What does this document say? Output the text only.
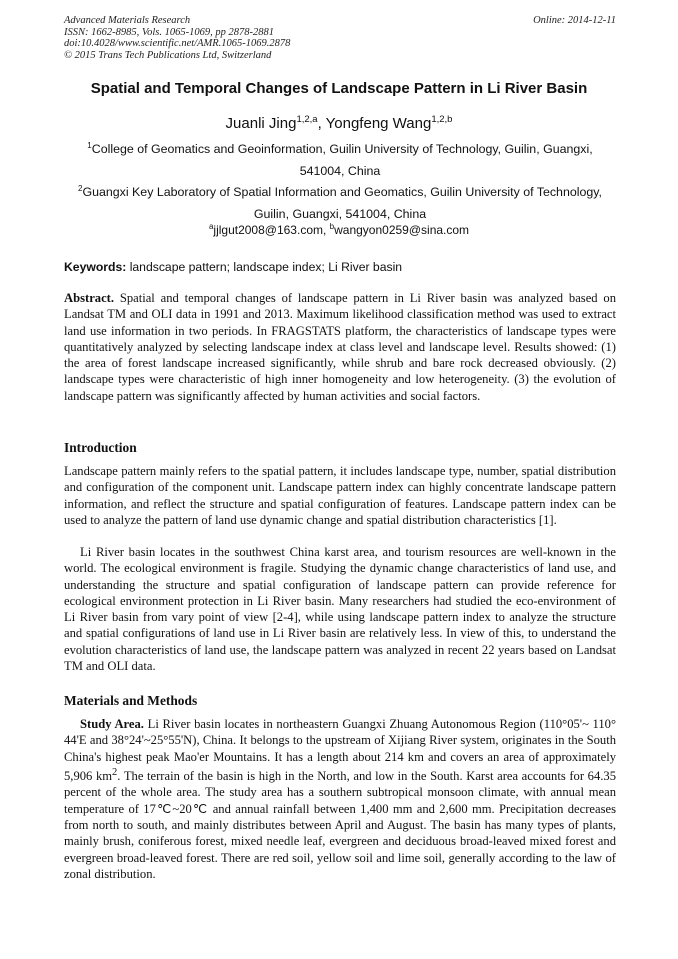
Advanced Materials Research
ISSN: 1662-8985, Vols. 1065-1069, pp 2878-2881
doi:10.4028/www.scientific.net/AMR.1065-1069.2878
© 2015 Trans Tech Publications Ltd, Switzerland
Online: 2014-12-11
Spatial and Temporal Changes of Landscape Pattern in Li River Basin
Juanli Jing$^{1,2,a}$, Yongfeng Wang$^{1,2,b}$
$^1$College of Geomatics and Geoinformation, Guilin University of Technology, Guilin, Guangxi,
541004, China
$^2$Guangxi Key Laboratory of Spatial Information and Geomatics, Guilin University of Technology,
Guilin, Guangxi, 541004, China
$^a$jjlgut2008@163.com, $^b$wangyon0259@sina.com
Keywords: landscape pattern; landscape index; Li River basin
Abstract. Spatial and temporal changes of landscape pattern in Li River basin was analyzed based on Landsat TM and OLI data in 1991 and 2013. Maximum likelihood classification method was used to extract land use information in two periods. In FRAGSTATS platform, the characteristics of landscape types were quantitatively analyzed by selecting landscape index at class level and landscape level. Results showed: (1) the area of forest landscape increased significantly, while shrub and bare rock decreased obviously. (2) landscape types were characteristic of high inner homogeneity and low heterogeneity. (3) the evolution of landscape pattern was significantly affected by human activities and social factors.
Introduction
Landscape pattern mainly refers to the spatial pattern, it includes landscape type, number, spatial distribution and configuration of the component unit. Landscape pattern index can highly concentrate landscape pattern information, and reflect the structure and spatial configuration of features. Landscape pattern index can be used to analyze the pattern of land use dynamic change and spatial distribution characteristics [1].
Li River basin locates in the southwest China karst area, and tourism resources are well-known in the world. The ecological environment is fragile. Studying the dynamic change characteristics of land use, and understanding the structure and spatial configuration of landscape pattern can provide reference for ecological environment protection in Li River basin. Many researchers had studied the eco-environment of Li River basin from vary point of view [2-4], while using landscape pattern index to analyze the structure and spatial configurations of land use in Li River basin are relatively less. In view of this, to understand the evolution characteristics of land use, the landscape pattern was analyzed in recent 22 years based on Landsat TM and OLI data.
Materials and Methods
Study Area. Li River basin locates in northeastern Guangxi Zhuang Autonomous Region (110°05'~ 110° 44'E and 38°24'~25°55'N), China. It belongs to the upstream of Xijiang River system, originates in the South China's highest peak Mao'er Mountains. It has a length about 214 km and covers an area of approximately 5,906 $km^2$. The terrain of the basin is high in the North, and low in the South. Karst area accounts for 64.35 percent of the whole area. The study area has a southern subtropical monsoon climate, with annual mean temperature of 17℃~20℃ and annual rainfall between 1,400 mm and 2,600 mm. Precipitation decreases from north to south, and mainly distributes between April and August. The basin has many types of plants, mainly brush, coniferous forest, mixed needle leaf, evergreen and deciduous broad-leaved mixed forest and evergreen broad-leaved forest. There are red soil, yellow soil and lime soil, generally according to the law of zonal distribution.
